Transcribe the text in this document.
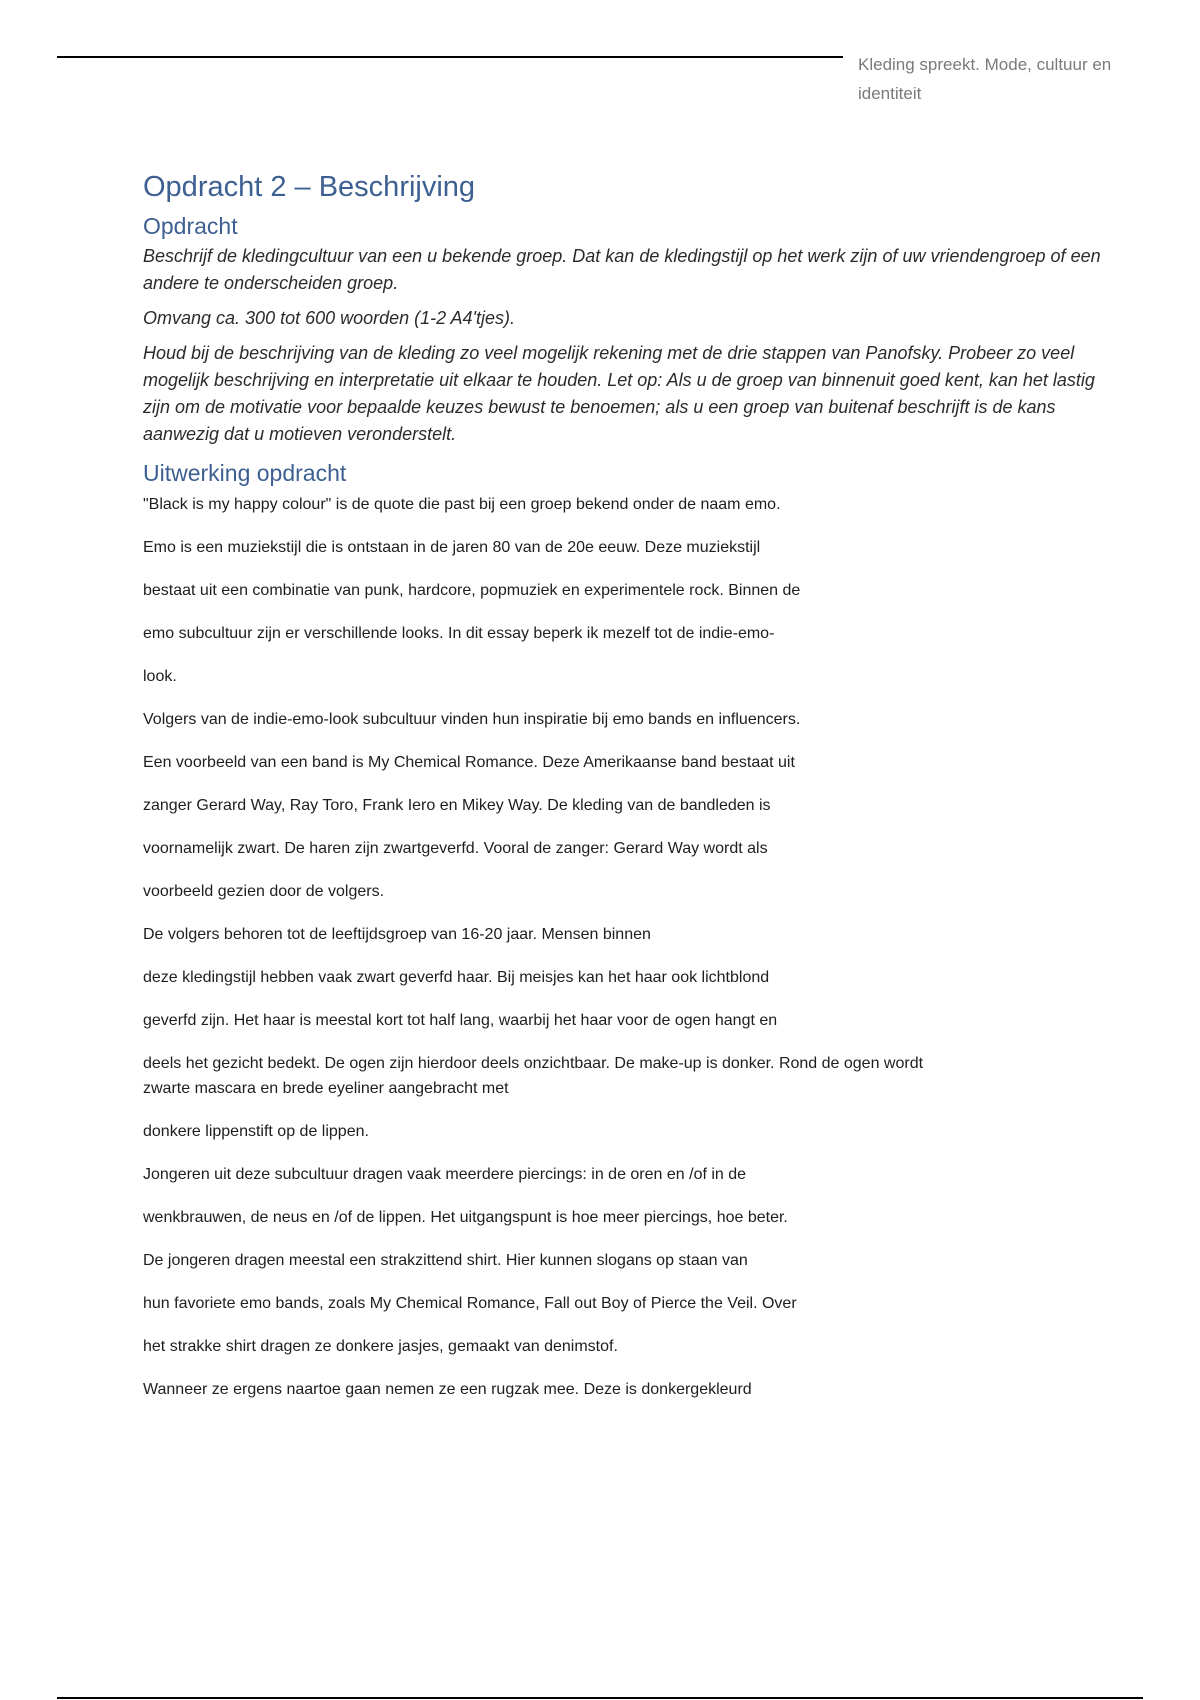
Kleding spreekt. Mode, cultuur en identiteit
Opdracht 2 – Beschrijving
Opdracht

Beschrijf de kledingcultuur van een u bekende groep. Dat kan de kledingstijl op het werk zijn of uw vriendengroep of een andere te onderscheiden groep.

Omvang ca. 300 tot 600 woorden (1-2 A4'tjes).

Houd bij de beschrijving van de kleding zo veel mogelijk rekening met de drie stappen van Panofsky. Probeer zo veel mogelijk beschrijving en interpretatie uit elkaar te houden. Let op: Als u de groep van binnenuit goed kent, kan het lastig zijn om de motivatie voor bepaalde keuzes bewust te benoemen; als u een groep van buitenaf beschrijft is de kans aanwezig dat u motieven veronderstelt.

Uitwerking opdracht
"Black is my happy colour" is de quote die past bij een groep bekend onder de naam emo.
Emo is een muziekstijl die is ontstaan in de jaren 80 van de 20e eeuw. Deze muziekstijl
bestaat uit een combinatie van punk, hardcore, popmuziek en experimentele rock. Binnen de
emo subcultuur zijn er verschillende looks. In dit essay beperk ik mezelf tot de indie-emo-
look.
Volgers van de indie-emo-look subcultuur vinden hun inspiratie bij emo bands en influencers.
Een voorbeeld van een band is My Chemical Romance. Deze Amerikaanse band bestaat uit
zanger Gerard Way, Ray Toro, Frank Iero en Mikey Way. De kleding van de bandleden is
voornamelijk zwart. De haren zijn zwartgeverfd. Vooral de zanger: Gerard Way wordt als
voorbeeld gezien door de volgers.
De volgers behoren tot de leeftijdsgroep van 16-20 jaar. Mensen binnen
deze kledingstijl hebben vaak zwart geverfd haar. Bij meisjes kan het haar ook lichtblond
geverfd zijn. Het haar is meestal kort tot half lang, waarbij het haar voor de ogen hangt en
deels het gezicht bedekt. De ogen zijn hierdoor deels onzichtbaar. De make-up is donker. Rond de ogen wordt
zwarte mascara en brede eyeliner aangebracht met
donkere lippenstift op de lippen.
Jongeren uit deze subcultuur dragen vaak meerdere piercings: in de oren en /of in de
wenkbrauwen, de neus en /of de lippen. Het uitgangspunt is hoe meer piercings, hoe beter.
De jongeren dragen meestal een strakzittend shirt. Hier kunnen slogans op staan van
hun favoriete emo bands, zoals My Chemical Romance, Fall out Boy of Pierce the Veil. Over
het strakke shirt dragen ze donkere jasjes, gemaakt van denimstof.
Wanneer ze ergens naartoe gaan nemen ze een rugzak mee. Deze is donkergekleurd
